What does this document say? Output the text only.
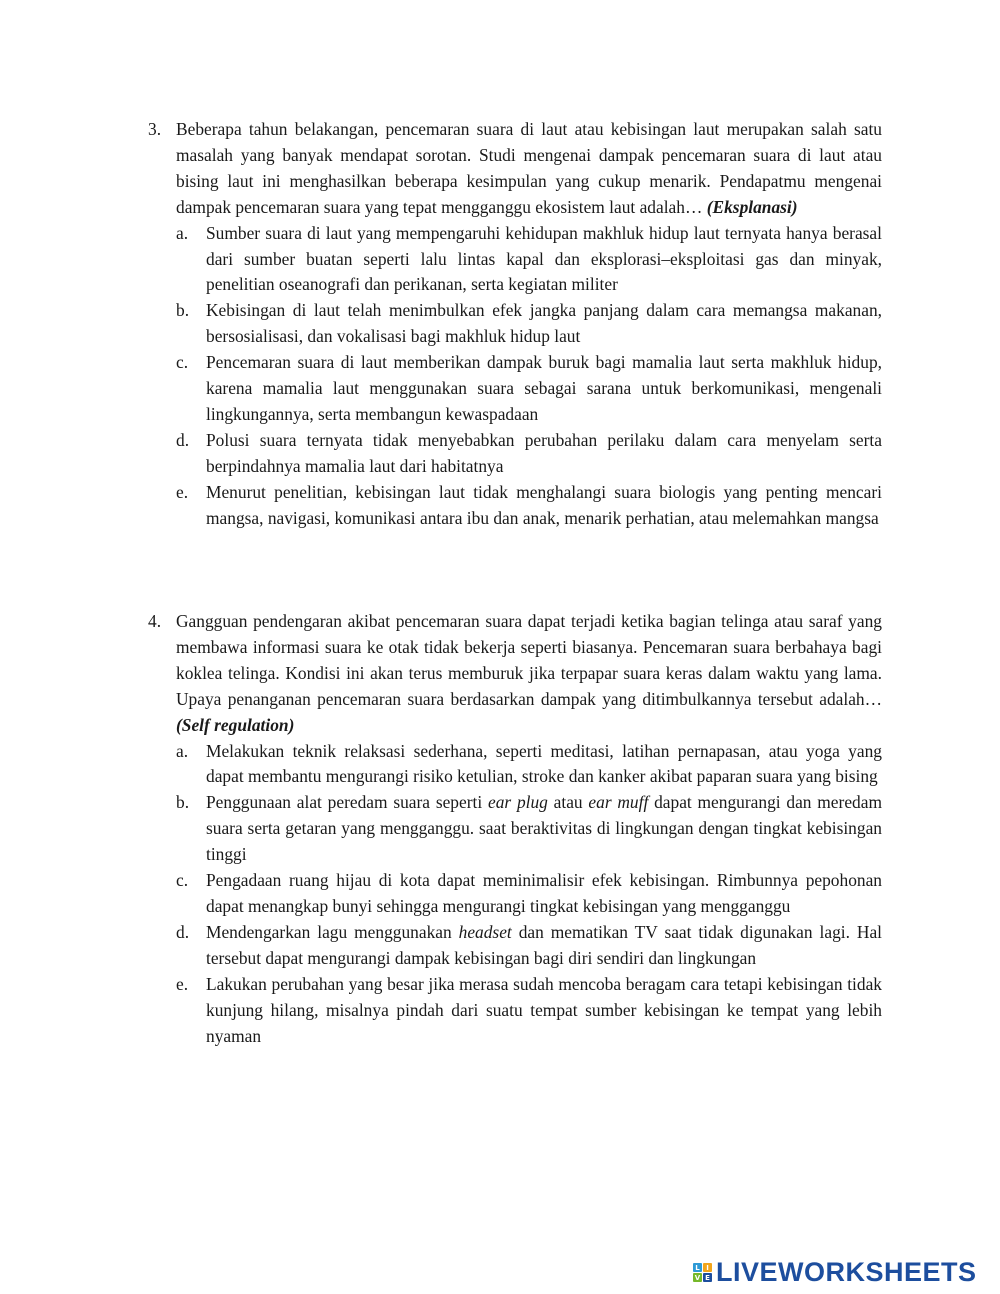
3. Beberapa tahun belakangan, pencemaran suara di laut atau kebisingan laut merupakan salah satu masalah yang banyak mendapat sorotan. Studi mengenai dampak pencemaran suara di laut atau bising laut ini menghasilkan beberapa kesimpulan yang cukup menarik. Pendapatmu mengenai dampak pencemaran suara yang tepat mengganggu ekosistem laut adalah… (Eksplanasi)
a.	Sumber suara di laut yang mempengaruhi kehidupan makhluk hidup laut ternyata hanya berasal dari sumber buatan seperti lalu lintas kapal dan eksplorasi–eksploitasi gas dan minyak, penelitian oseanografi dan perikanan, serta kegiatan militer
b. Kebisingan di laut telah menimbulkan efek jangka panjang dalam cara memangsa makanan, bersosialisasi, dan vokalisasi bagi makhluk hidup laut
c.	Pencemaran suara di laut memberikan dampak buruk bagi mamalia laut serta makhluk hidup, karena mamalia laut menggunakan suara sebagai sarana untuk berkomunikasi, mengenali lingkungannya, serta membangun kewaspadaan
d. Polusi suara ternyata tidak menyebabkan perubahan perilaku dalam cara menyelam serta berpindahnya mamalia laut dari habitatnya
e.	Menurut penelitian, kebisingan laut tidak menghalangi suara biologis yang penting mencari mangsa, navigasi, komunikasi antara ibu dan anak, menarik perhatian, atau melemahkan mangsa
4. Gangguan pendengaran akibat pencemaran suara dapat terjadi ketika bagian telinga atau saraf yang membawa informasi suara ke otak tidak bekerja seperti biasanya. Pencemaran suara berbahaya bagi koklea telinga. Kondisi ini akan terus memburuk jika terpapar suara keras dalam waktu yang lama. Upaya penanganan pencemaran suara berdasarkan dampak yang ditimbulkannya tersebut adalah… (Self regulation)
a.	Melakukan teknik relaksasi sederhana, seperti meditasi, latihan pernapasan, atau yoga yang dapat membantu mengurangi risiko ketulian, stroke dan kanker akibat paparan suara yang bising
b. Penggunaan alat peredam suara seperti ear plug atau ear muff dapat mengurangi dan meredam suara serta getaran yang mengganggu. saat beraktivitas di lingkungan dengan tingkat kebisingan tinggi
c.	Pengadaan ruang hijau di kota dapat meminimalisir efek kebisingan. Rimbunnya pepohonan dapat menangkap bunyi sehingga mengurangi tingkat kebisingan yang mengganggu
d. Mendengarkan lagu menggunakan headset dan mematikan TV saat tidak digunakan lagi. Hal tersebut dapat mengurangi dampak kebisingan bagi diri sendiri dan lingkungan
e.	Lakukan perubahan yang besar jika merasa sudah mencoba beragam cara tetapi kebisingan tidak kunjung hilang, misalnya pindah dari suatu tempat sumber kebisingan ke tempat yang lebih nyaman
L I
V E LIVEWORKSHEETS
